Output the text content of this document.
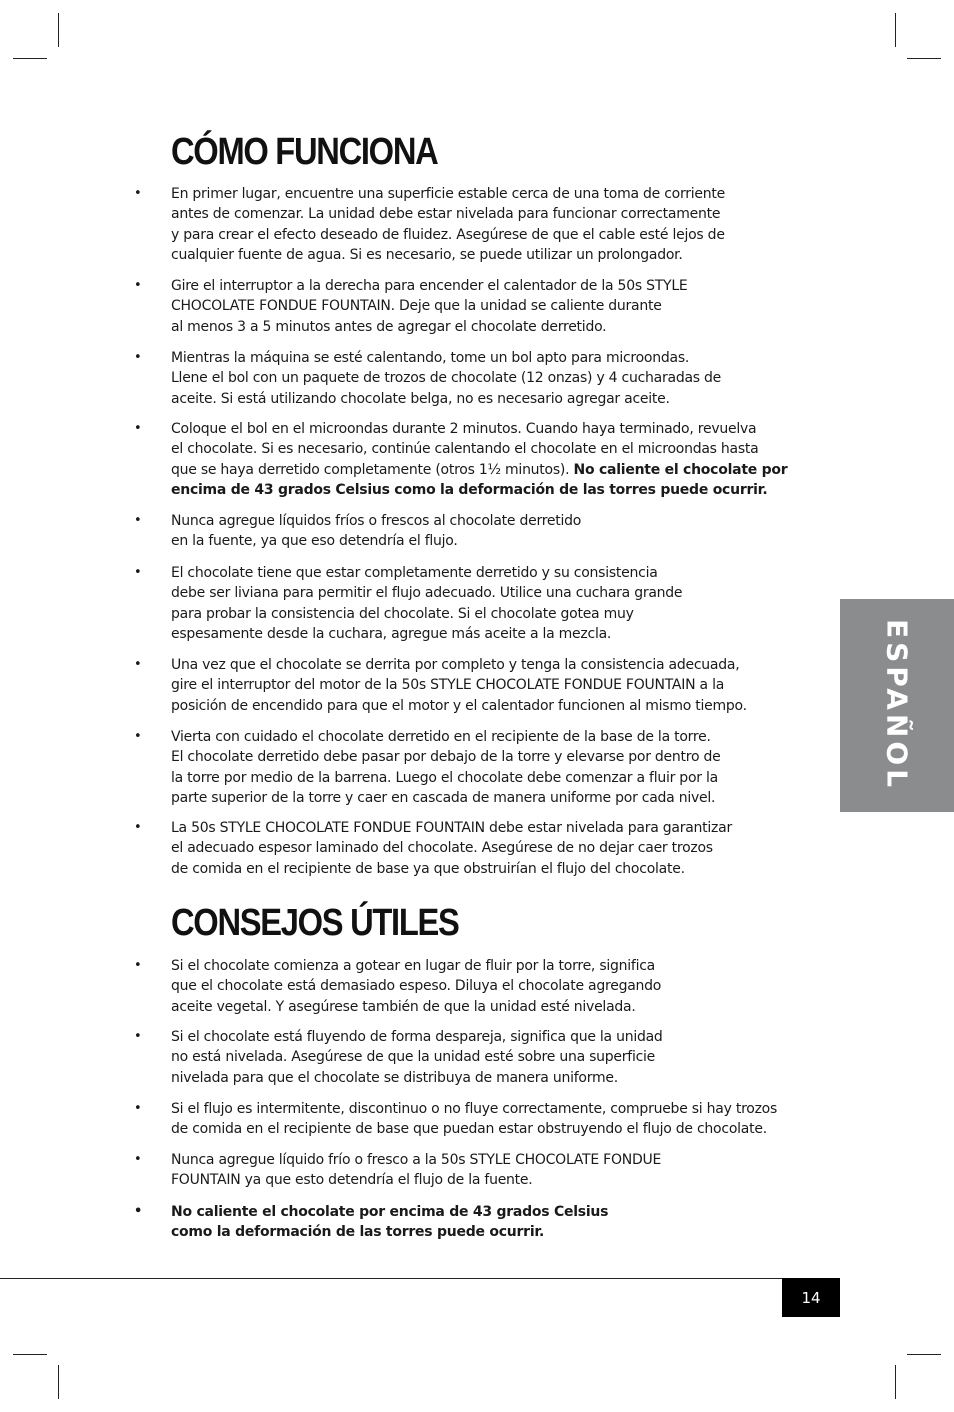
CÓMO FUNCIONA
• En primer lugar, encuentre una superficie estable cerca de una toma de corriente
antes de comenzar. La unidad debe estar nivelada para funcionar correctamente
y para crear el efecto deseado de fluidez. Asegúrese de que el cable esté lejos de
cualquier fuente de agua. Si es necesario, se puede utilizar un prolongador.

• Gire el interruptor a la derecha para encender el calentador de la 50s STYLE
CHOCOLATE FONDUE FOUNTAIN. Deje que la unidad se caliente durante
al menos 3 a 5 minutos antes de agregar el chocolate derretido.

• Mientras la máquina se esté calentando, tome un bol apto para microondas.
Llene el bol con un paquete de trozos de chocolate (12 onzas) y 4 cucharadas de
aceite. Si está utilizando chocolate belga, no es necesario agregar aceite.

• Coloque el bol en el microondas durante 2 minutos. Cuando haya terminado, revuelva
el chocolate. Si es necesario, continúe calentando el chocolate en el microondas hasta
que se haya derretido completamente (otros 1½ minutos). No caliente el chocolate por
encima de 43 grados Celsius como la deformación de las torres puede ocurrir.

• Nunca agregue líquidos fríos o frescos al chocolate derretido
en la fuente, ya que eso detendría el flujo.

• El chocolate tiene que estar completamente derretido y su consistencia
debe ser liviana para permitir el flujo adecuado. Utilice una cuchara grande
para probar la consistencia del chocolate. Si el chocolate gotea muy
espesamente desde la cuchara, agregue más aceite a la mezcla.

• Una vez que el chocolate se derrita por completo y tenga la consistencia adecuada,
gire el interruptor del motor de la 50s STYLE CHOCOLATE FONDUE FOUNTAIN a la
posición de encendido para que el motor y el calentador funcionen al mismo tiempo.

• Vierta con cuidado el chocolate derretido en el recipiente de la base de la torre.
El chocolate derretido debe pasar por debajo de la torre y elevarse por dentro de
la torre por medio de la barrena. Luego el chocolate debe comenzar a fluir por la
parte superior de la torre y caer en cascada de manera uniforme por cada nivel.

• La 50s STYLE CHOCOLATE FONDUE FOUNTAIN debe estar nivelada para garantizar
el adecuado espesor laminado del chocolate. Asegúrese de no dejar caer trozos
de comida en el recipiente de base ya que obstruirían el flujo del chocolate.

CONSEJOS ÚTILES
• Si el chocolate comienza a gotear en lugar de fluir por la torre, significa
que el chocolate está demasiado espeso. Diluya el chocolate agregando
aceite vegetal. Y asegúrese también de que la unidad esté nivelada.

• Si el chocolate está fluyendo de forma despareja, significa que la unidad
no está nivelada. Asegúrese de que la unidad esté sobre una superficie
nivelada para que el chocolate se distribuya de manera uniforme.

• Si el flujo es intermitente, discontinuo o no fluye correctamente, compruebe si hay trozos
de comida en el recipiente de base que puedan estar obstruyendo el flujo de chocolate.

• Nunca agregue líquido frío o fresco a la 50s STYLE CHOCOLATE FONDUE
FOUNTAIN ya que esto detendría el flujo de la fuente.

• No caliente el chocolate por encima de 43 grados Celsius
como la deformación de las torres puede ocurrir.

ESPAÑOL
14
